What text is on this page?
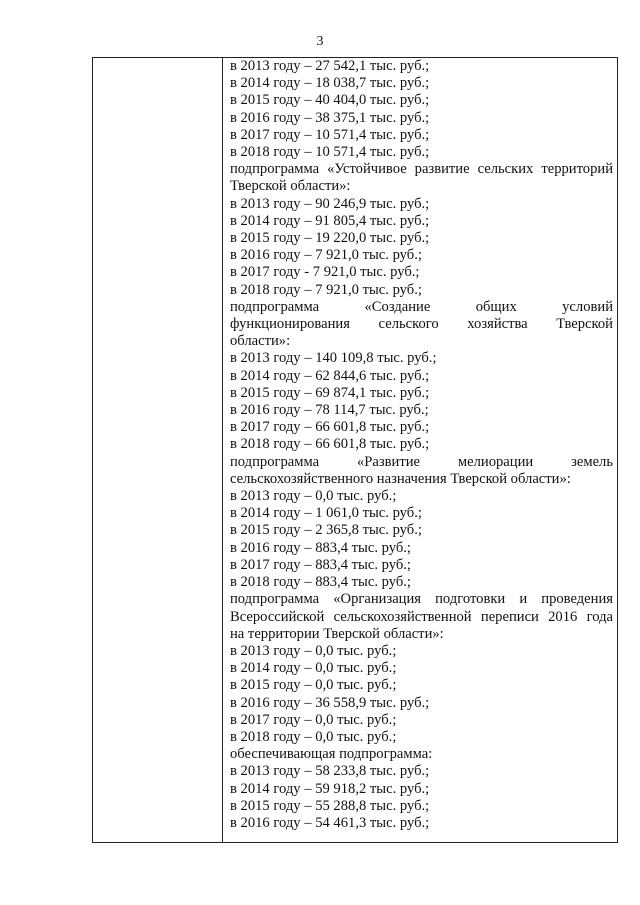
3
в 2013 году – 27 542,1 тыс. руб.;
в 2014 году – 18 038,7 тыс. руб.;
в 2015 году – 40 404,0 тыс. руб.;
в 2016 году – 38 375,1 тыс. руб.;
в 2017 году – 10 571,4 тыс. руб.;
в 2018 году – 10 571,4 тыс. руб.;
подпрограмма «Устойчивое развитие сельских территорий
Тверской области»:
в 2013 году – 90 246,9 тыс. руб.;
в 2014 году – 91 805,4 тыс. руб.;
в 2015 году – 19 220,0 тыс. руб.;
в 2016 году – 7 921,0 тыс. руб.;
в 2017 году - 7 921,0 тыс. руб.;
в 2018 году – 7 921,0 тыс. руб.;
подпрограмма «Создание общих условий
функционирования сельского хозяйства Тверской
области»:
в 2013 году – 140 109,8 тыс. руб.;
в 2014 году – 62 844,6 тыс. руб.;
в 2015 году – 69 874,1 тыс. руб.;
в 2016 году – 78 114,7 тыс. руб.;
в 2017 году – 66 601,8 тыс. руб.;
в 2018 году – 66 601,8 тыс. руб.;
подпрограмма «Развитие мелиорации земель
сельскохозяйственного назначения Тверской области»:
в 2013 году – 0,0 тыс. руб.;
в 2014 году – 1 061,0 тыс. руб.;
в 2015 году – 2 365,8 тыс. руб.;
в 2016 году – 883,4 тыс. руб.;
в 2017 году – 883,4 тыс. руб.;
в 2018 году – 883,4 тыс. руб.;
подпрограмма «Организация подготовки и проведения
Всероссийской сельскохозяйственной переписи 2016 года
на территории Тверской области»:
в 2013 году – 0,0 тыс. руб.;
в 2014 году – 0,0 тыс. руб.;
в 2015 году – 0,0 тыс. руб.;
в 2016 году – 36 558,9 тыс. руб.;
в 2017 году – 0,0 тыс. руб.;
в 2018 году – 0,0 тыс. руб.;
обеспечивающая подпрограмма:
в 2013 году – 58 233,8 тыс. руб.;
в 2014 году – 59 918,2 тыс. руб.;
в 2015 году – 55 288,8 тыс. руб.;
в 2016 году – 54 461,3 тыс. руб.;
